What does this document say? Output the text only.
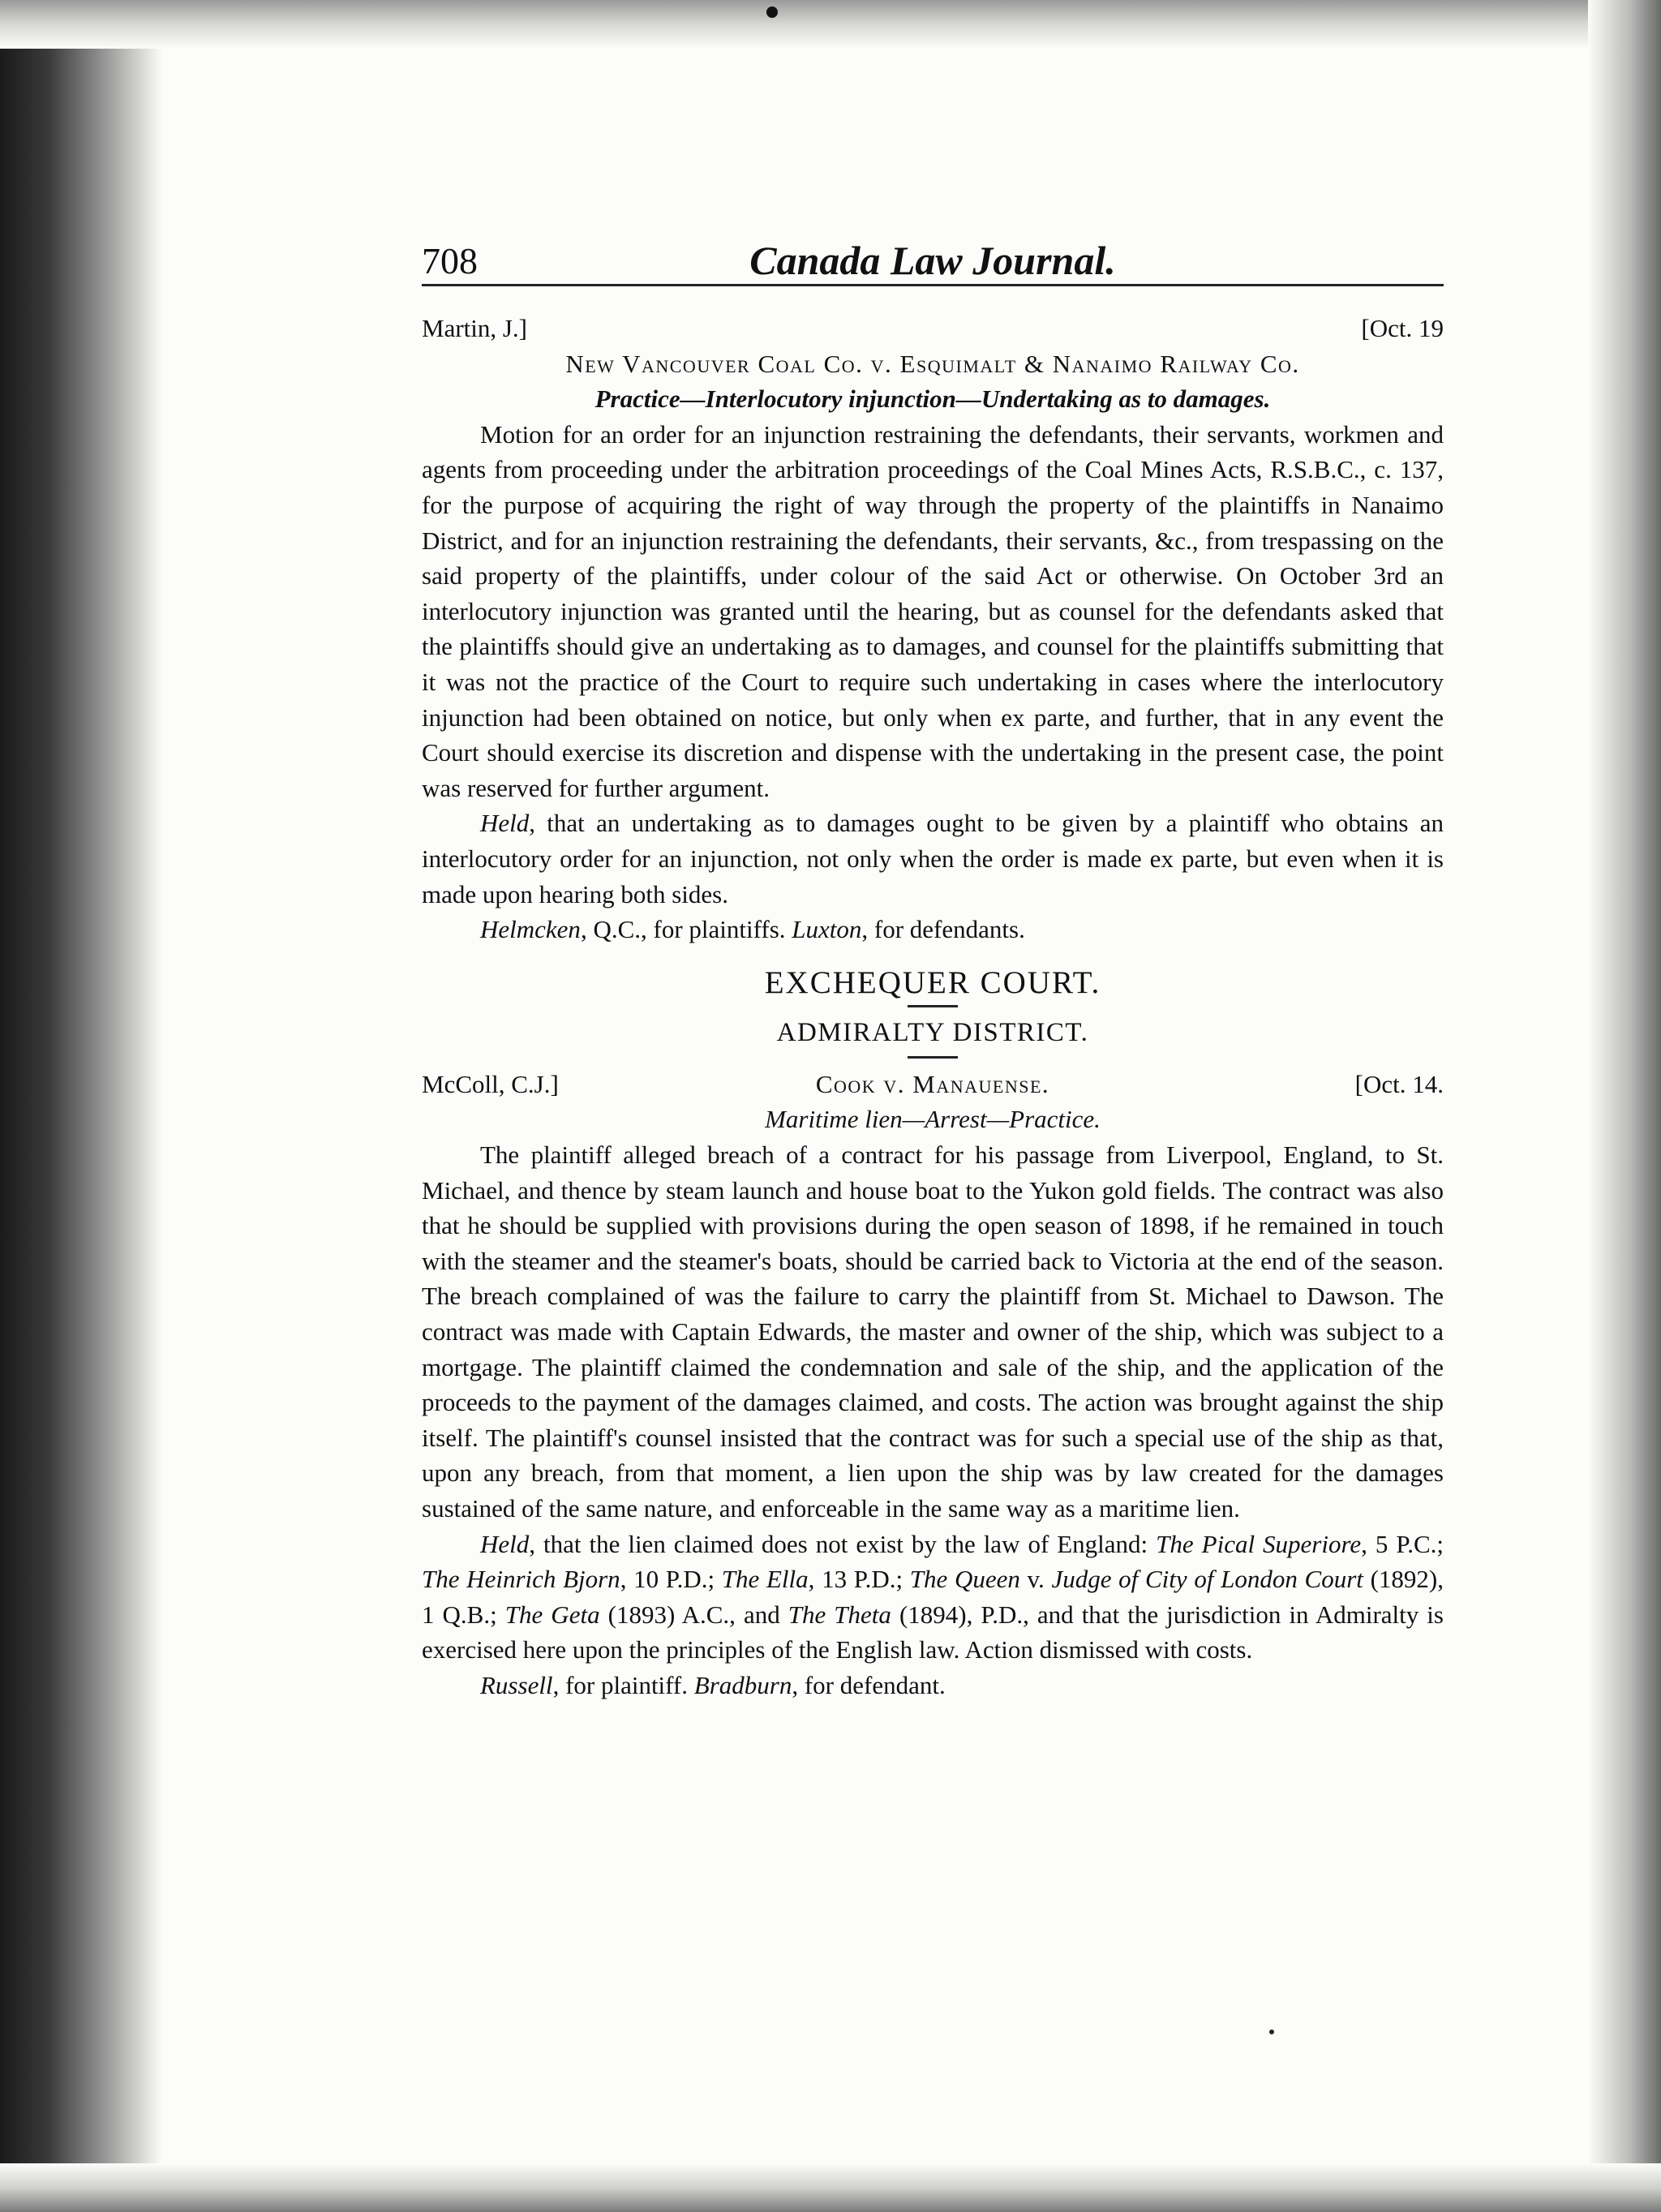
708	Canada Law Journal.
Martin, J.]	[Oct. 19
New Vancouver Coal Co. v. Esquimalt & Nanaimo Railway Co.
Practice—Interlocutory injunction—Undertaking as to damages.

Motion for an order for an injunction restraining the defendants, their servants, workmen and agents from proceeding under the arbitration proceedings of the Coal Mines Acts, R.S.B.C., c. 137, for the purpose of acquiring the right of way through the property of the plaintiffs in Nanaimo District, and for an injunction restraining the defendants, their servants, &c., from trespassing on the said property of the plaintiffs, under colour of the said Act or otherwise. On October 3rd an interlocutory injunction was granted until the hearing, but as counsel for the defendants asked that the plaintiffs should give an undertaking as to damages, and counsel for the plaintiffs submitting that it was not the practice of the Court to require such undertaking in cases where the interlocutory injunction had been obtained on notice, but only when ex parte, and further, that in any event the Court should exercise its discretion and dispense with the undertaking in the present case, the point was reserved for further argument.

Held, that an undertaking as to damages ought to be given by a plaintiff who obtains an interlocutory order for an injunction, not only when the order is made ex parte, but even when it is made upon hearing both sides.

Helmcken, Q.C., for plaintiffs. Luxton, for defendants.

EXCHEQUER COURT.
ADMIRALTY DISTRICT.
McColl, C.J.]	Cook v. Manauense.	[Oct. 14.
Maritime lien—Arrest—Practice.

The plaintiff alleged breach of a contract for his passage from Liverpool, England, to St. Michael, and thence by steam launch and house boat to the Yukon gold fields. The contract was also that he should be supplied with provisions during the open season of 1898, if he remained in touch with the steamer and the steamer's boats, should be carried back to Victoria at the end of the season. The breach complained of was the failure to carry the plaintiff from St. Michael to Dawson. The contract was made with Captain Edwards, the master and owner of the ship, which was subject to a mortgage. The plaintiff claimed the condemnation and sale of the ship, and the application of the proceeds to the payment of the damages claimed, and costs. The action was brought against the ship itself. The plaintiff's counsel insisted that the contract was for such a special use of the ship as that, upon any breach, from that moment, a lien upon the ship was by law created for the damages sustained of the same nature, and enforceable in the same way as a maritime lien.

Held, that the lien claimed does not exist by the law of England: The Pical Superiore, 5 P.C.; The Heinrich Bjorn, 10 P.D.; The Ella, 13 P.D.; The Queen v. Judge of City of London Court (1892), 1 Q.B.; The Geta (1893) A.C., and The Theta (1894), P.D., and that the jurisdiction in Admiralty is exercised here upon the principles of the English law. Action dismissed with costs.

Russell, for plaintiff. Bradburn, for defendant.
